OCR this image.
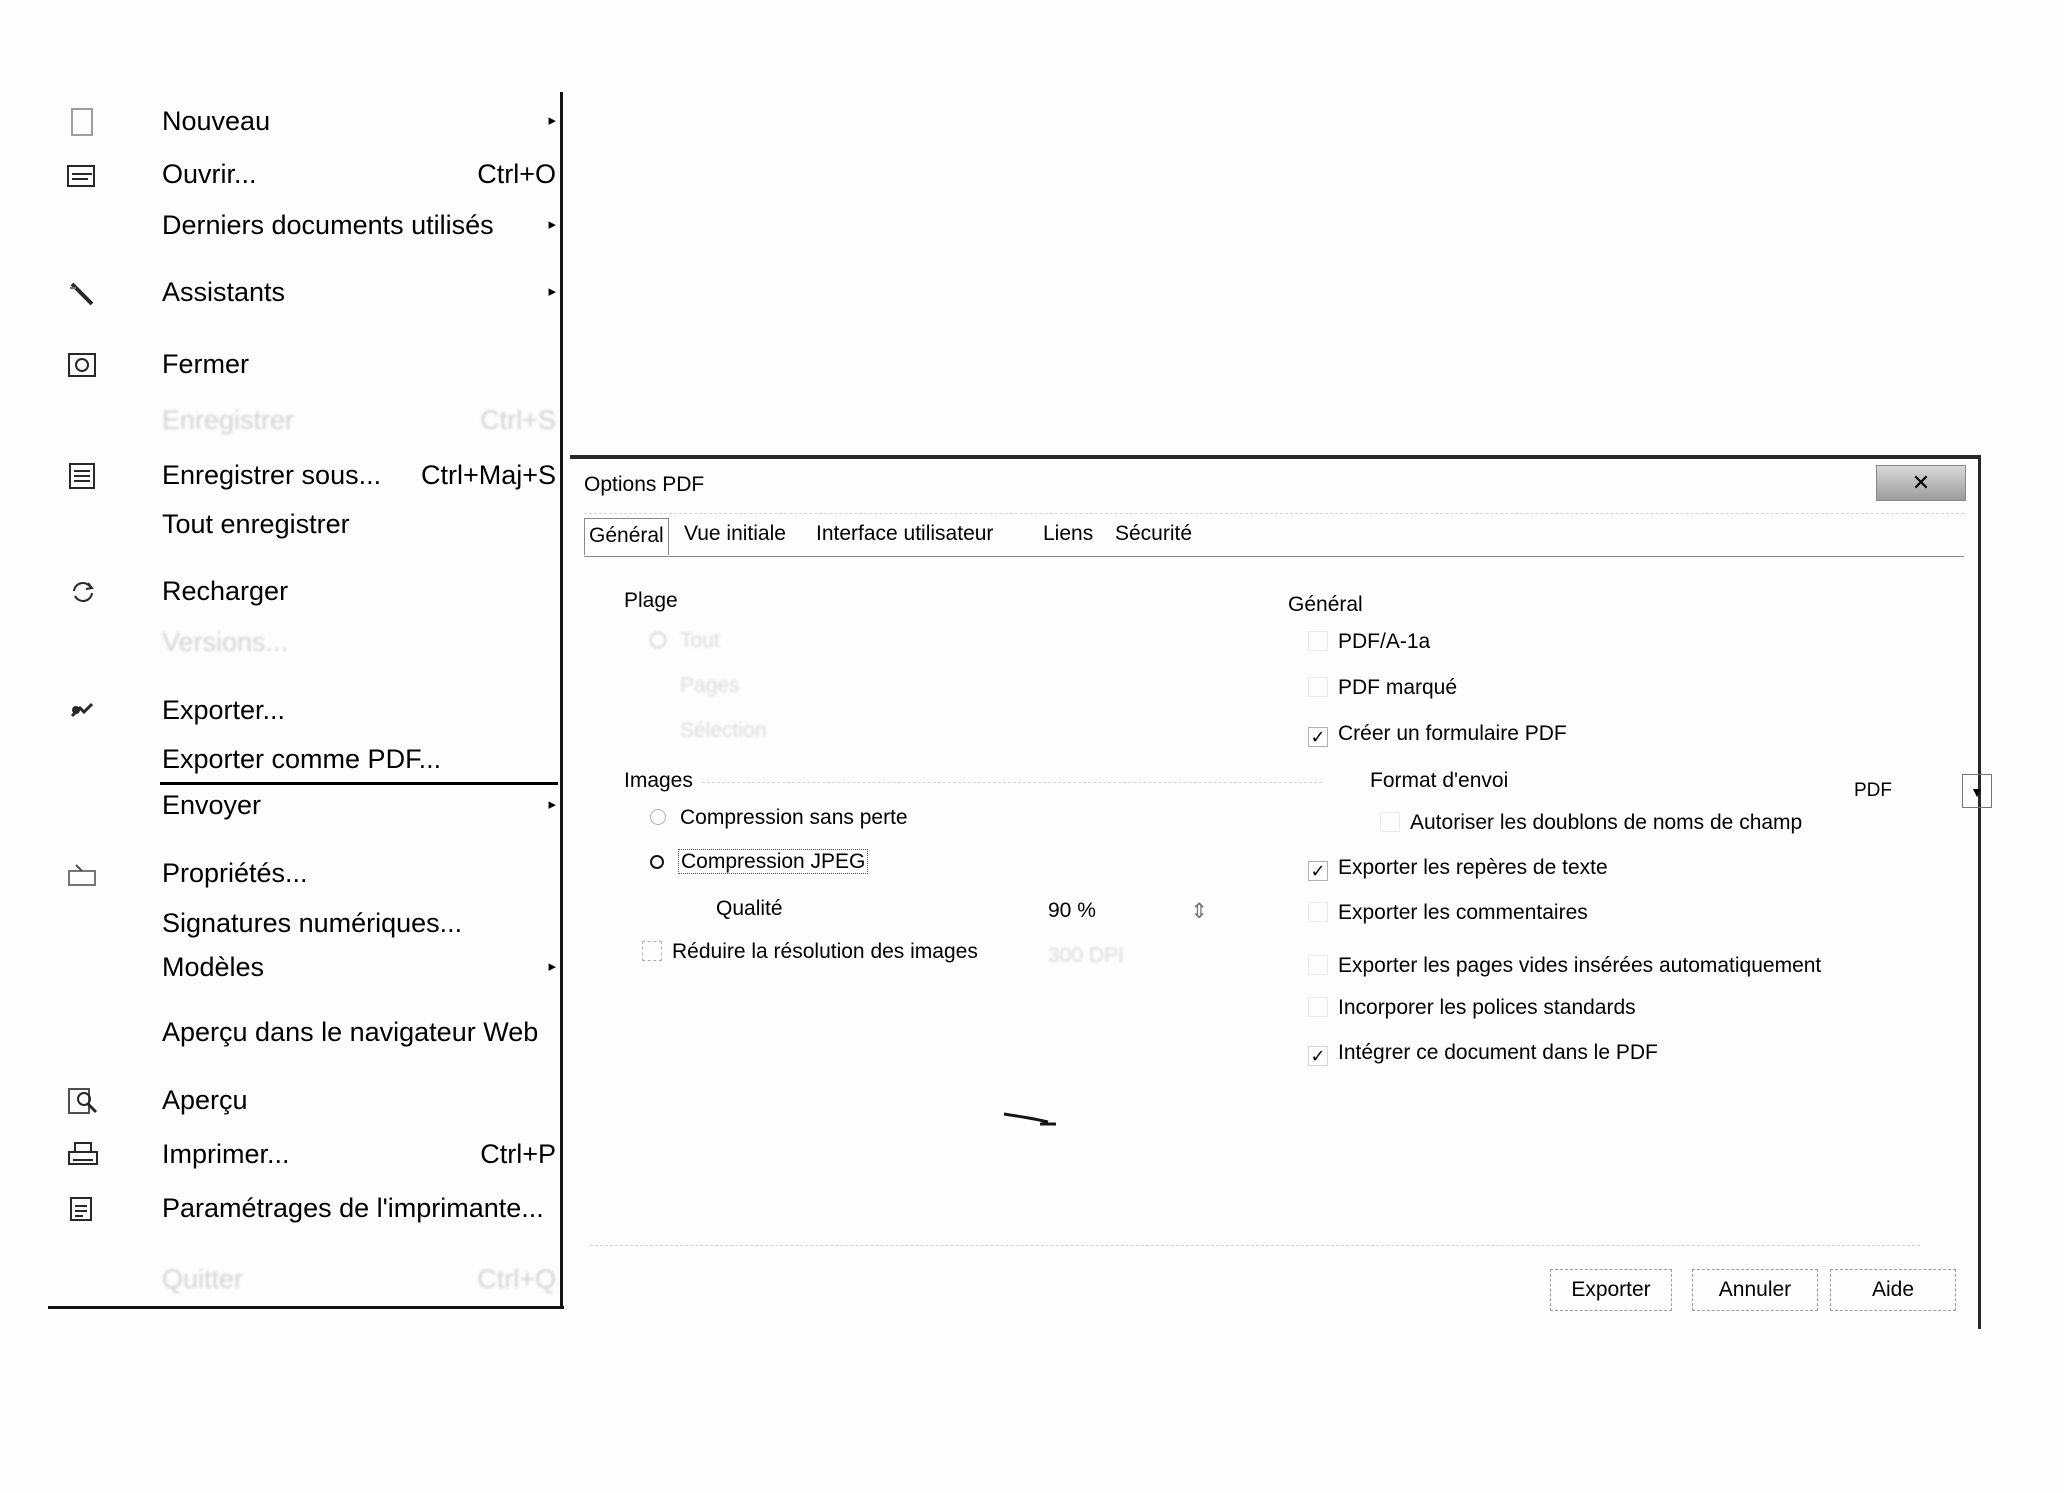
Nouveau	▸
Ouvrir...	Ctrl+O
Derniers documents utilisés	▸
Assistants	▸
Fermer
Enregistrer	Ctrl+S
Enregistrer sous... Ctrl+Maj+S
Tout enregistrer
Recharger
Versions...
Exporter...
Exporter comme PDF...
Envoyer	▸
Propriétés...
Signatures numériques...
Modèles	▸
Aperçu dans le navigateur Web
Aperçu
Imprimer...	Ctrl+P
Paramétrages de l'imprimante...
Quitter	Ctrl+Q
Options PDF	✕
Général Vue initiale Interface utilisateur Liens Sécurité
Plage
Tout
Pages
Sélection
Images
Compression sans perte
Compression JPEG
Qualité	90 %	⇕
Réduire la résolution des images	300 DPI
Général
PDF/A-1a
PDF marqué
✓ Créer un formulaire PDF
Format d'envoi	PDF	▼
Autoriser les doublons de noms de champ
✓ Exporter les repères de texte
Exporter les commentaires
Exporter les pages vides insérées automatiquement
Incorporer les polices standards
✓ Intégrer ce document dans le PDF
Exporter	Annuler	Aide
